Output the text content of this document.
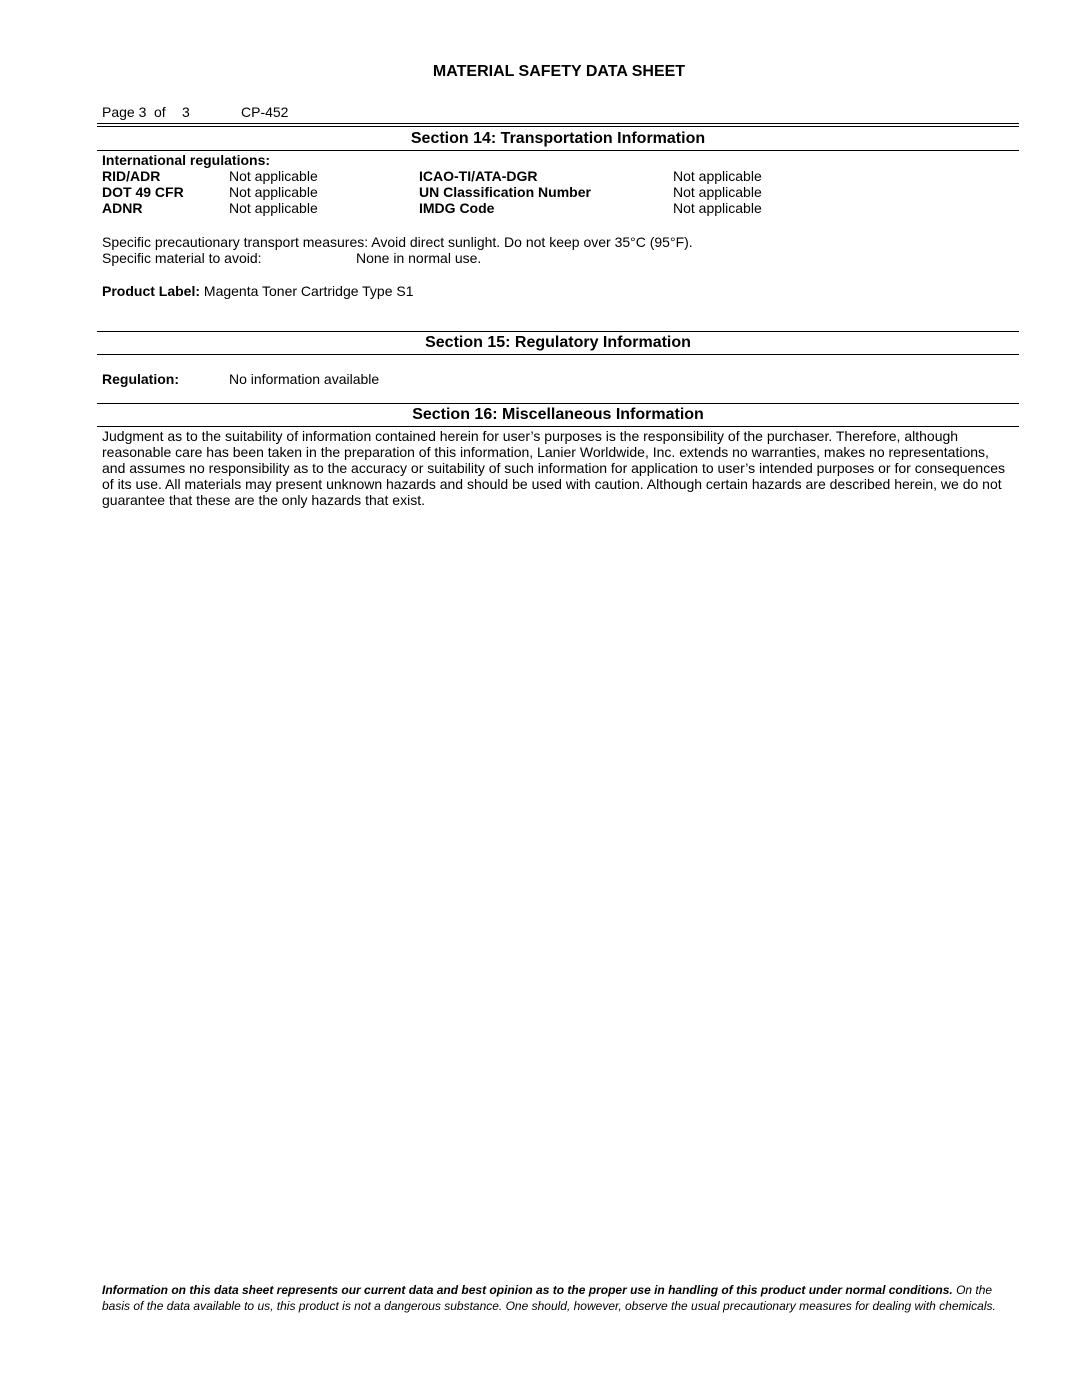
MATERIAL SAFETY DATA SHEET
Page 3 of 3	CP-452
Section 14: Transportation Information
International regulations:
RID/ADR	Not applicable	ICAO-TI/ATA-DGR	Not applicable
DOT 49 CFR	Not applicable	UN Classification Number	Not applicable
ADNR	Not applicable	IMDG Code	Not applicable
Specific precautionary transport measures: Avoid direct sunlight. Do not keep over 35°C (95°F).
Specific material to avoid:	None in normal use.
Product Label: Magenta Toner Cartridge Type S1
Section 15: Regulatory Information
Regulation:	No information available
Section 16: Miscellaneous Information
Judgment as to the suitability of information contained herein for user’s purposes is the responsibility of the purchaser. Therefore, although reasonable care has been taken in the preparation of this information, Lanier Worldwide, Inc. extends no warranties, makes no representations, and assumes no responsibility as to the accuracy or suitability of such information for application to user’s intended purposes or for consequences of its use. All materials may present unknown hazards and should be used with caution. Although certain hazards are described herein, we do not guarantee that these are the only hazards that exist.
Information on this data sheet represents our current data and best opinion as to the proper use in handling of this product under normal conditions. On the basis of the data available to us, this product is not a dangerous substance. One should, however, observe the usual precautionary measures for dealing with chemicals.
